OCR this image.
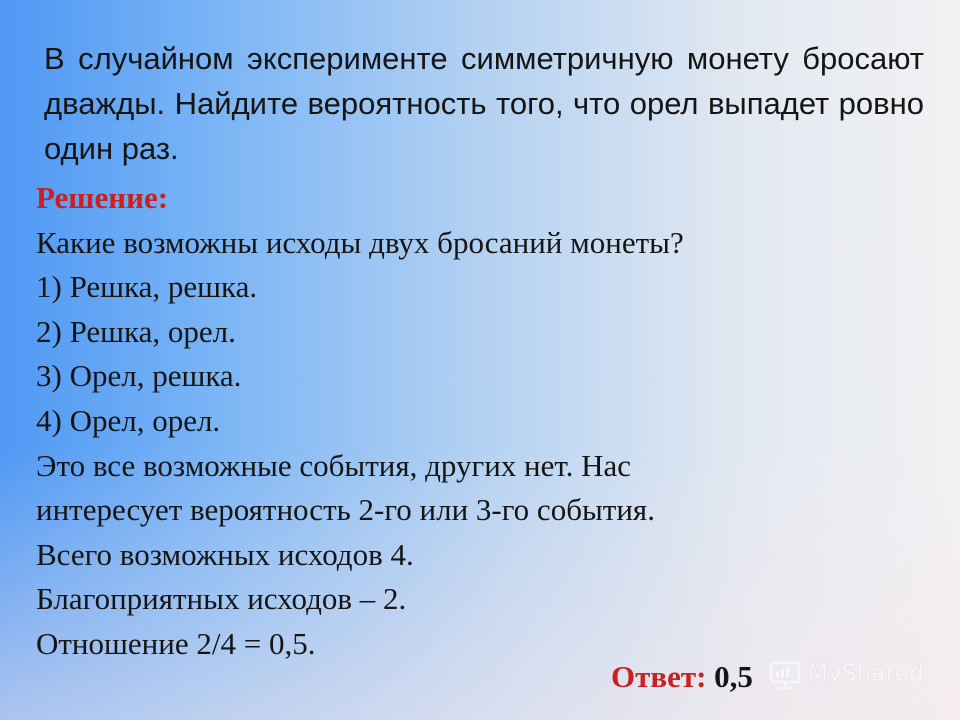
В случайном эксперименте симметричную монету бросают дважды. Найдите вероятность того, что орел выпадет ровно один раз.

Решение:
Какие возможны исходы двух бросаний монеты?
1) Решка, решка.
2) Решка, орел.
3) Орел, решка.
4) Орел, орел.
Это все возможные события, других нет. Нас
интересует вероятность 2-го или 3-го события.
Всего возможных исходов 4.
Благоприятных исходов – 2.
Отношение 2/4 = 0,5.
Ответ: 0,5 MyShared
